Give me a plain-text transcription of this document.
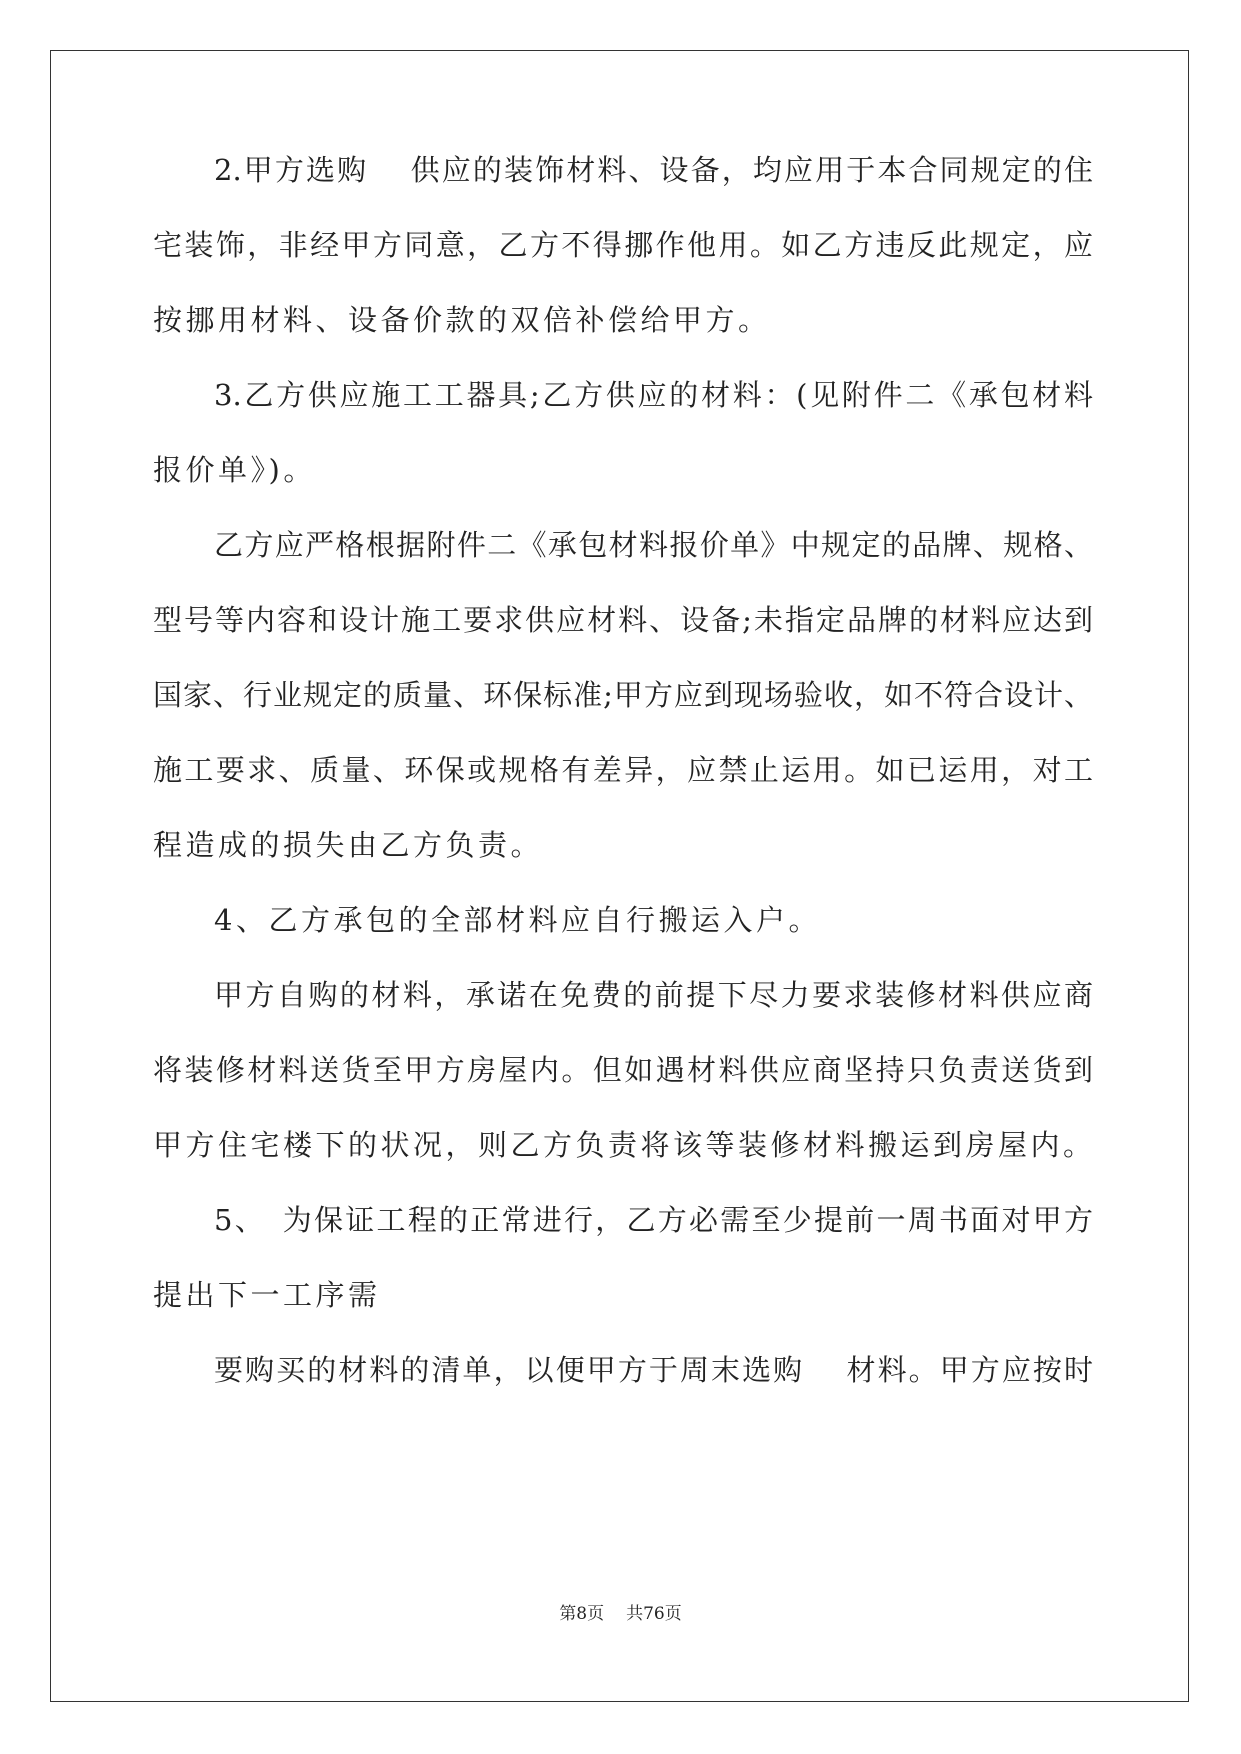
2.甲方选购　 供应的装饰材料、设备，均应用于本合同规定的住
宅装饰，非经甲方同意，乙方不得挪作他用。如乙方违反此规定，应
按挪用材料、设备价款的双倍补偿给甲方。
3.乙方供应施工工器具;乙方供应的材料：(见附件二《承包材料
报价单》)。
乙方应严格根据附件二《承包材料报价单》中规定的品牌、规格、
型号等内容和设计施工要求供应材料、设备;未指定品牌的材料应达到
国家、行业规定的质量、环保标准;甲方应到现场验收，如不符合设计、
施工要求、质量、环保或规格有差异，应禁止运用。如已运用，对工
程造成的损失由乙方负责。
4、乙方承包的全部材料应自行搬运入户。
甲方自购的材料，承诺在免费的前提下尽力要求装修材料供应商
将装修材料送货至甲方房屋内。但如遇材料供应商坚持只负责送货到
甲方住宅楼下的状况，则乙方负责将该等装修材料搬运到房屋内。
5、　为保证工程的正常进行，乙方必需至少提前一周书面对甲方
提出下一工序需
要购买的材料的清单，以便甲方于周末选购　 材料。甲方应按时
第8页 共76页
